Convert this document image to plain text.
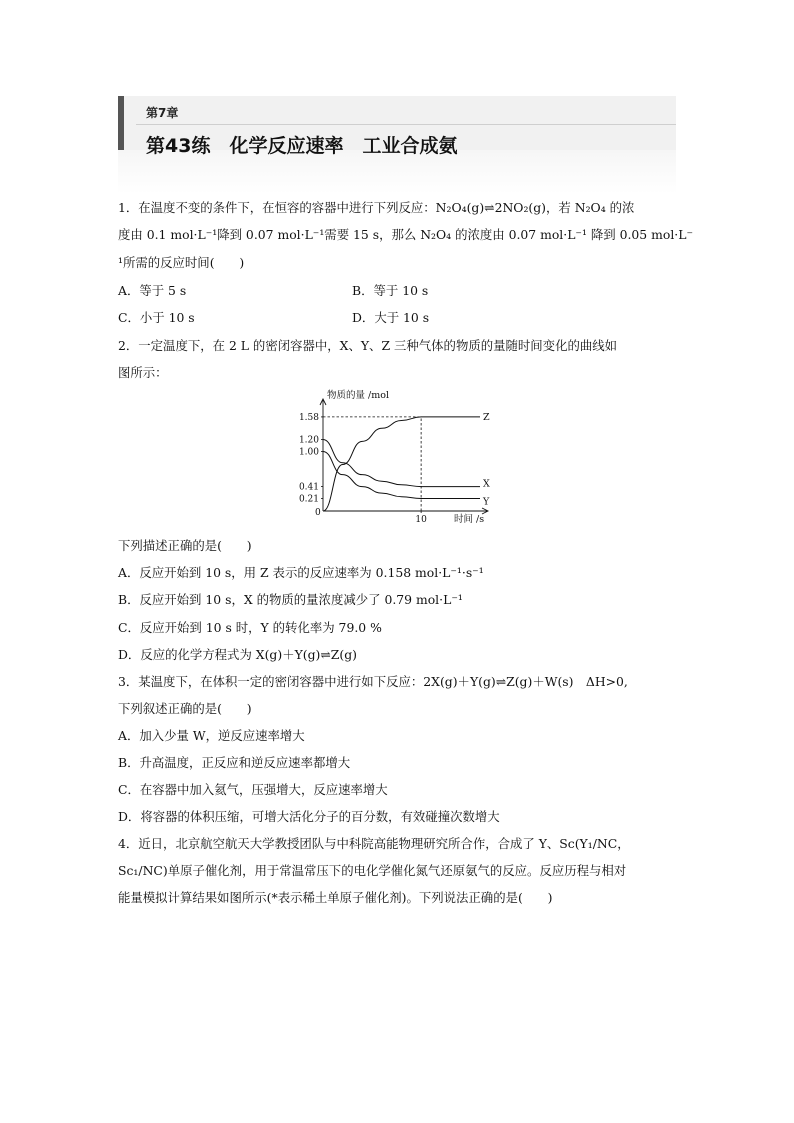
第7章
第43练　化学反应速率　工业合成氨
1．在温度不变的条件下，在恒容的容器中进行下列反应：N₂O₄(g)⇌2NO₂(g)，若 N₂O₄ 的浓
度由 0.1 mol·L⁻¹降到 0.07 mol·L⁻¹需要 15 s，那么 N₂O₄ 的浓度由 0.07 mol·L⁻¹ 降到 0.05 mol·L⁻
¹所需的反应时间(　　)
A．等于 5 s	B．等于 10 s
C．小于 10 s	D．大于 10 s
2．一定温度下，在 2 L 的密闭容器中，X、Y、Z 三种气体的物质的量随时间变化的曲线如
图所示：
物质的量 /mol
时间 /s
0
1.58
1.20
1.00
0.41
0.21
10
Z
X
Y
下列描述正确的是(　　)
A．反应开始到 10 s，用 Z 表示的反应速率为 0.158 mol·L⁻¹·s⁻¹
B．反应开始到 10 s，X 的物质的量浓度减少了 0.79 mol·L⁻¹
C．反应开始到 10 s 时，Y 的转化率为 79.0 %
D．反应的化学方程式为 X(g)＋Y(g)⇌Z(g)
3．某温度下，在体积一定的密闭容器中进行如下反应：2X(g)＋Y(g)⇌Z(g)＋W(s)　ΔH>0,
下列叙述正确的是(　　)
A．加入少量 W，逆反应速率增大
B．升高温度，正反应和逆反应速率都增大
C．在容器中加入氦气，压强增大，反应速率增大
D．将容器的体积压缩，可增大活化分子的百分数，有效碰撞次数增大
4．近日，北京航空航天大学教授团队与中科院高能物理研究所合作，合成了 Y、Sc(Y₁/NC，
Sc₁/NC)单原子催化剂，用于常温常压下的电化学催化氮气还原氨气的反应。反应历程与相对
能量模拟计算结果如图所示(*表示稀土单原子催化剂)。下列说法正确的是(　　)
